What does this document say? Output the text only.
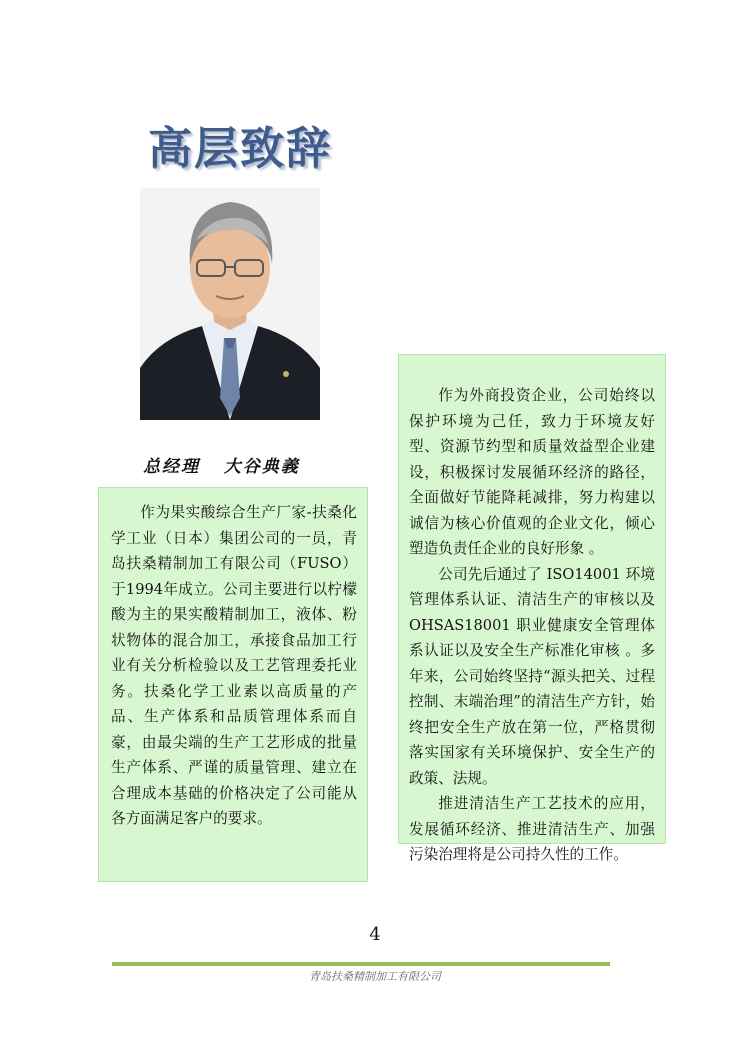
高层致辞
总经理   大谷典義

作为果实酸综合生产厂家-扶桑化学工业（日本）集团公司的一员，青岛扶桑精制加工有限公司（FUSO）于1994年成立。公司主要进行以柠檬酸为主的果实酸精制加工，液体、粉状物体的混合加工，承接食品加工行业有关分析检验以及工艺管理委托业务。扶桑化学工业素以高质量的产品、生产体系和品质管理体系而自豪，由最尖端的生产工艺形成的批量生产体系、严谨的质量管理、建立在合理成本基础的价格决定了公司能从各方面满足客户的要求。

作为外商投资企业，公司始终以保护环境为己任，致力于环境友好型、资源节约型和质量效益型企业建设，积极探讨发展循环经济的路径，全面做好节能降耗减排，努力构建以诚信为核心价值观的企业文化，倾心塑造负责任企业的良好形象 。

公司先后通过了 ISO14001 环境管理体系认证、清洁生产的审核以及 OHSAS18001 职业健康安全管理体系认证以及安全生产标准化审核 。多年来，公司始终坚持“源头把关、过程控制、末端治理”的清洁生产方针，始终把安全生产放在第一位，严格贯彻落实国家有关环境保护、安全生产的政策、法规。

推进清洁生产工艺技术的应用，发展循环经济、推进清洁生产、加强污染治理将是公司持久性的工作。

4
青岛扶桑精制加工有限公司
